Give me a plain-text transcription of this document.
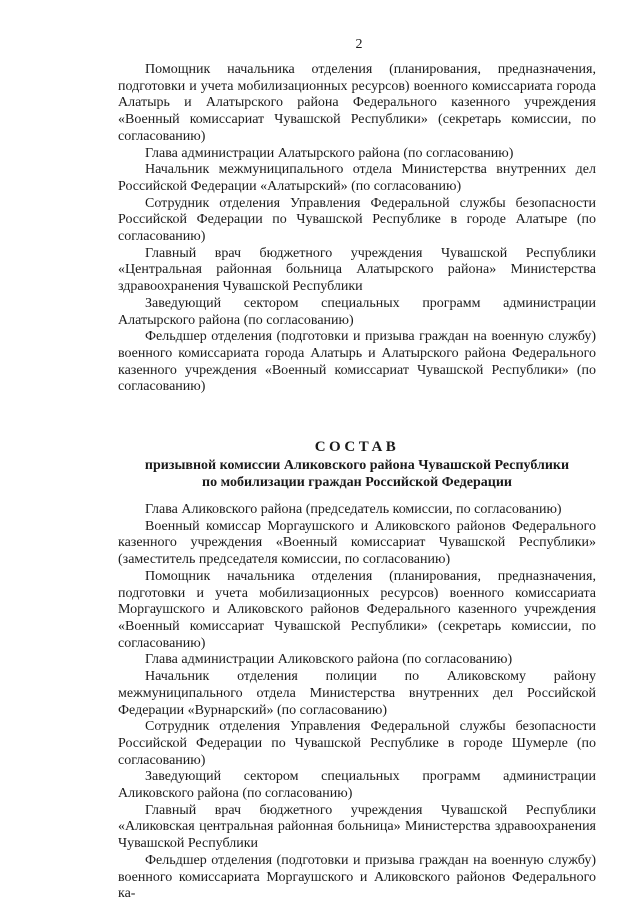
2

Помощник начальника отделения (планирования, предназначения, подготовки и учета мобилизационных ресурсов) военного комиссариата города Алатырь и Алатырского района Федерального казенного учреждения «Военный комиссариат Чувашской Республики» (секретарь комиссии, по согласованию)

Глава администрации Алатырского района (по согласованию)

Начальник межмуниципального отдела Министерства внутренних дел Российской Федерации «Алатырский» (по согласованию)

Сотрудник отделения Управления Федеральной службы безопасности Российской Федерации по Чувашской Республике в городе Алатыре (по согласованию)

Главный врач бюджетного учреждения Чувашской Республики «Центральная районная больница Алатырского района» Министерства здравоохранения Чувашской Республики

Заведующий сектором специальных программ администрации Алатырского района (по согласованию)

Фельдшер отделения (подготовки и призыва граждан на военную службу) военного комиссариата города Алатырь и Алатырского района Федерального казенного учреждения «Военный комиссариат Чувашской Республики» (по согласованию)

СОСТАВ
призывной комиссии Аликовского района Чувашской Республики
по мобилизации граждан Российской Федерации

Глава Аликовского района (председатель комиссии, по согласованию)

Военный комиссар Моргаушского и Аликовского районов Федерального казенного учреждения «Военный комиссариат Чувашской Республики» (заместитель председателя комиссии, по согласованию)

Помощник начальника отделения (планирования, предназначения, подготовки и учета мобилизационных ресурсов) военного комиссариата Моргаушского и Аликовского районов Федерального казенного учреждения «Военный комиссариат Чувашской Республики» (секретарь комиссии, по согласованию)

Глава администрации Аликовского района (по согласованию)

Начальник отделения полиции по Аликовскому району межмуниципального отдела Министерства внутренних дел Российской Федерации «Вурнарский» (по согласованию)

Сотрудник отделения Управления Федеральной службы безопасности Российской Федерации по Чувашской Республике в городе Шумерле (по согласованию)

Заведующий сектором специальных программ администрации Аликовского района (по согласованию)

Главный врач бюджетного учреждения Чувашской Республики «Аликовская центральная районная больница» Министерства здравоохранения Чувашской Республики

Фельдшер отделения (подготовки и призыва граждан на военную службу) военного комиссариата Моргаушского и Аликовского районов Федерального ка-
